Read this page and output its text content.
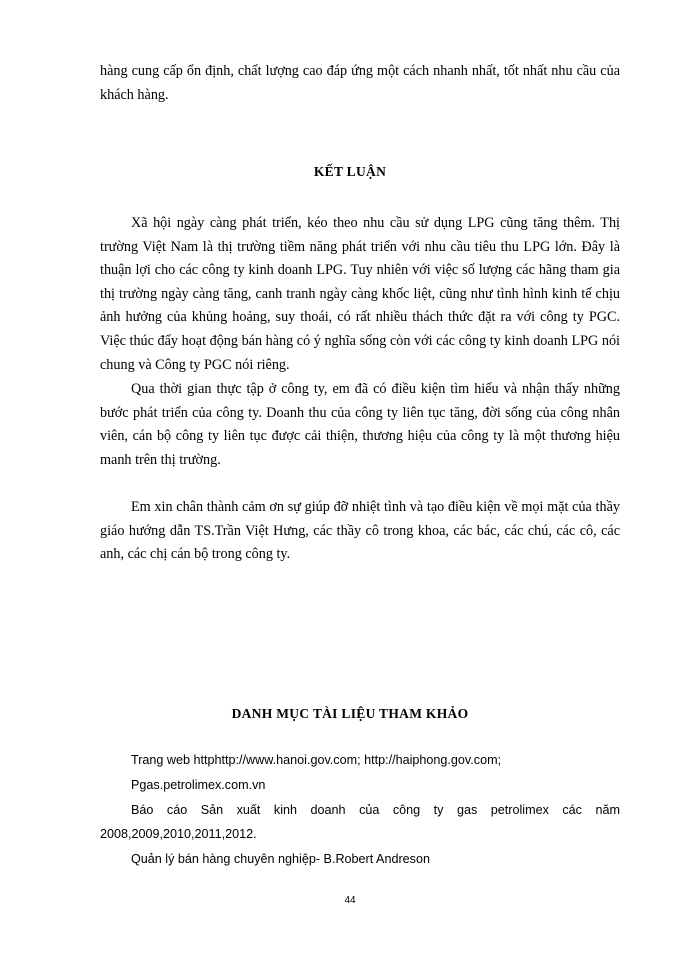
hàng cung cấp ổn định, chất lượng cao đáp ứng một cách nhanh nhất, tốt nhất nhu cầu của khách hàng.

KẾT LUẬN

Xã hội ngày càng phát triển, kéo theo nhu cầu sử dụng LPG cũng tăng thêm. Thị trường Việt Nam là thị trường tiềm năng phát triển với nhu cầu tiêu thu LPG lớn. Đây là thuận lợi cho các công ty kinh doanh LPG. Tuy nhiên với việc số lượng các hãng tham gia thị trường ngày càng tăng, canh tranh ngày càng khốc liệt, cũng như tình hình kinh tế chịu ảnh hưởng của khủng hoảng, suy thoái, có rất nhiều thách thức đặt ra với công ty PGC. Việc thúc đẩy hoạt động bán hàng có ý nghĩa sống còn với các công ty kinh doanh LPG nói chung và Công ty PGC nói riêng.

Qua thời gian thực tập ở công ty, em đã có điều kiện tìm hiểu và nhận thấy những bước phát triển của công ty. Doanh thu của công ty liên tục tăng, đời sống của công nhân viên, cán bộ công ty liên tục được cải thiện, thương hiệu của công ty là một thương hiệu manh trên thị trường.

Em xin chân thành cảm ơn sự giúp đỡ nhiệt tình và tạo điều kiện về mọi mặt của thầy giáo hướng dẫn TS.Trần Việt Hưng, các thầy cô trong khoa, các bác, các chú, các cô, các anh, các chị cán bộ trong công ty.

DANH MỤC TÀI LIỆU THAM KHẢO

Trang web httphttp://www.hanoi.gov.com; http://haiphong.gov.com;

Pgas.petrolimex.com.vn

Báo cáo Sản xuất kinh doanh của công ty gas petrolimex các năm 2008,2009,2010,2011,2012.

Quản lý bán hàng chuyên nghiệp- B.Robert Andreson

44
